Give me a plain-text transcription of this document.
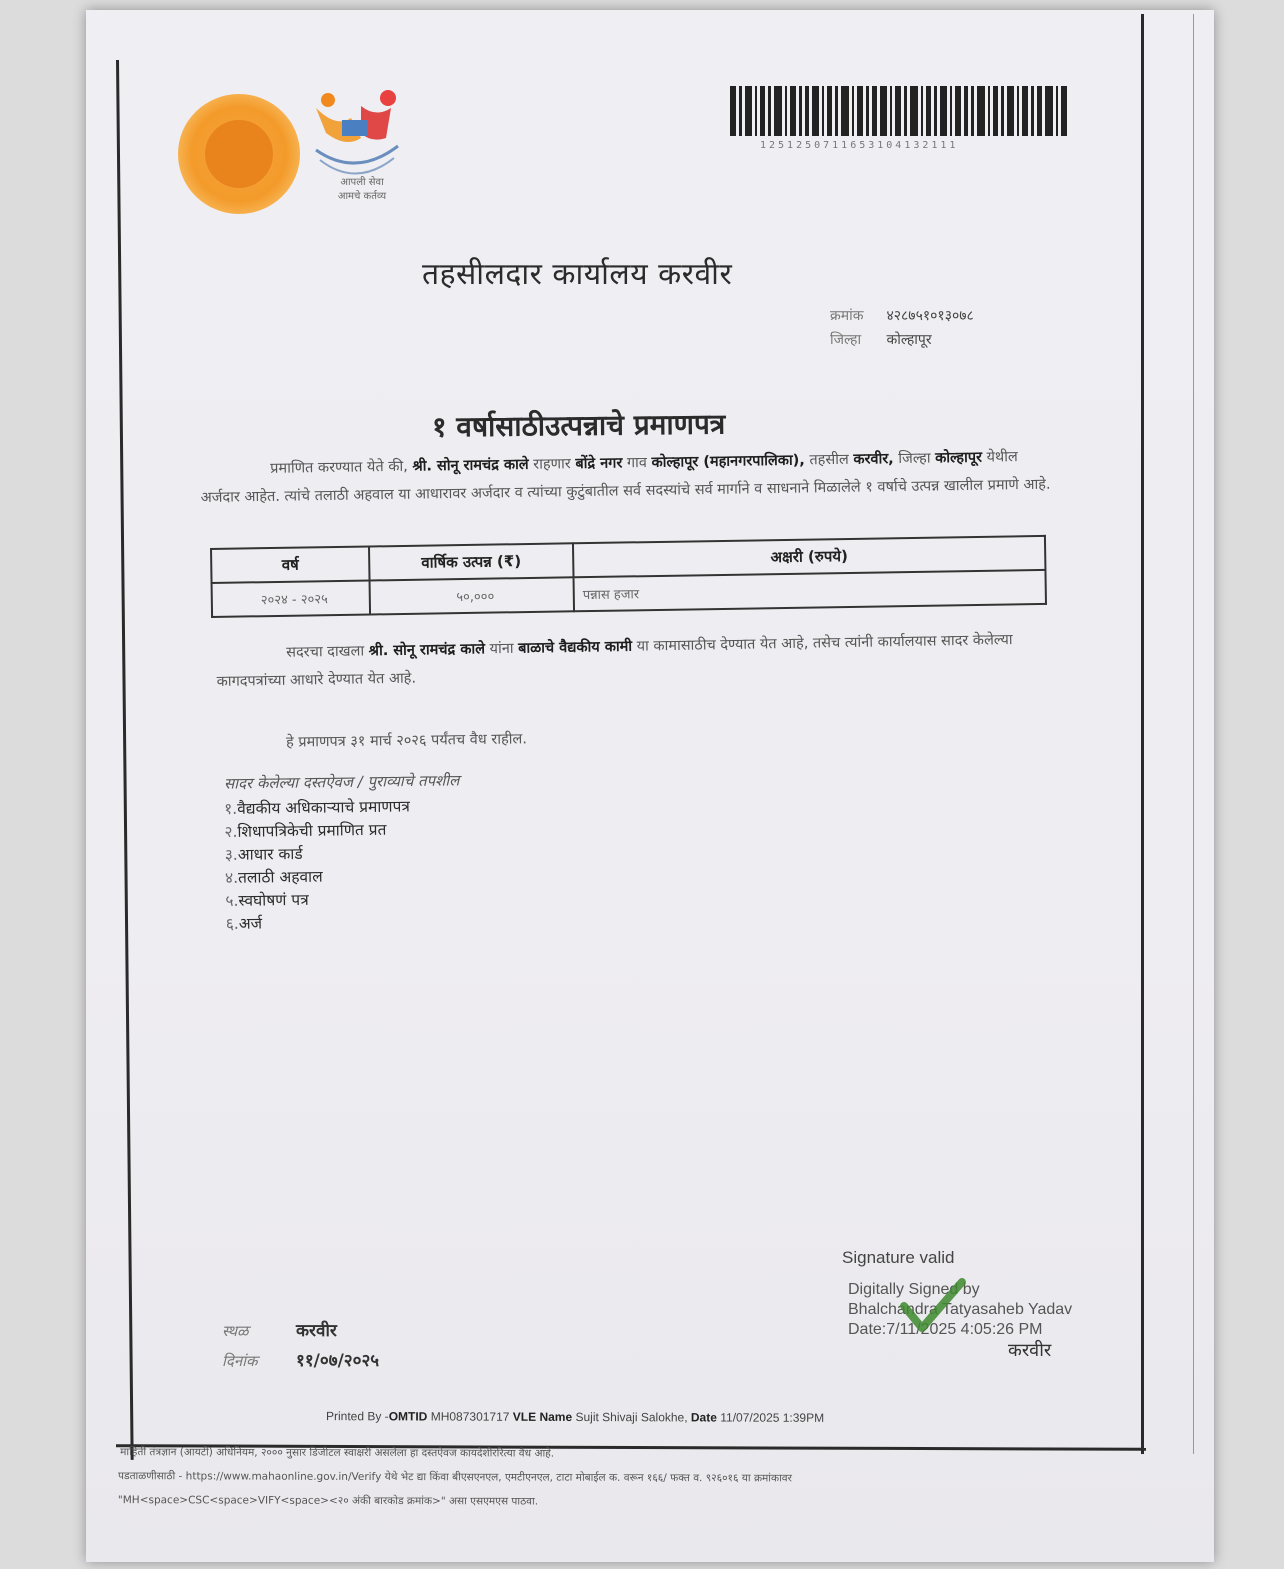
आपली सेवा
आमचे कर्तव्य
1251250711653104132111
तहसीलदार कार्यालय करवीर
क्रमांक ४२८७५१०१३०७८
जिल्हा कोल्हापूर
१ वर्षासाठीउत्पन्नाचे प्रमाणपत्र
प्रमाणित करण्यात येते की, श्री. सोनू रामचंद्र काले राहणार बोंद्रे नगर गाव कोल्हापूर (महानगरपालिका), तहसील करवीर, जिल्हा कोल्हापूर येथील अर्जदार आहेत. त्यांचे तलाठी अहवाल या आधारावर अर्जदार व त्यांच्या कुटुंबातील सर्व सदस्यांचे सर्व मार्गाने व साधनाने मिळालेले १ वर्षाचे उत्पन्न खालील प्रमाणे आहे.
वर्ष	वार्षिक उत्पन्न (₹)	अक्षरी (रुपये)
२०२४ - २०२५	५०,०००	पन्नास हजार
सदरचा दाखला श्री. सोनू रामचंद्र काले यांना बाळाचे वैद्यकीय कामी या कामासाठीच देण्यात येत आहे, तसेच त्यांनी कार्यालयास सादर केलेल्या कागदपत्रांच्या आधारे देण्यात येत आहे.
हे प्रमाणपत्र ३१ मार्च २०२६ पर्यंतच वैध राहील.
सादर केलेल्या दस्तऐवज / पुराव्याचे तपशील
१.वैद्यकीय अधिकाऱ्याचे प्रमाणपत्र
२.शिधापत्रिकेची प्रमाणित प्रत
३.आधार कार्ड
४.तलाठी अहवाल
५.स्वघोषणं पत्र
६.अर्ज
स्थळ	करवीर
दिनांक ११/०७/२०२५
Signature valid
Digitally Signed by
Bhalchandra Tatyasaheb Yadav
Date:7/11/2025 4:05:26 PM
करवीर
Printed By -OMTID MH087301717 VLE Name Sujit Shivaji Salokhe, Date 11/07/2025 1:39PM
माहिती तंत्रज्ञान (आयटी) अधिनियम, २००० नुसार डिजीटल स्वाक्षरी असलेला हा दस्तऐवज कायदेशीररित्या वैध आहे.
पडताळणीसाठी - https://www.mahaonline.gov.in/Verify येथे भेट द्या किंवा बीएसएनएल, एमटीएनएल, टाटा मोबाईल क. वरून १६६/ फक्त व. ९२६०१६ या क्रमांकावर
"MH<space>CSC<space>VIFY<space><२० अंकी बारकोड क्रमांक>" असा एसएमएस पाठवा.
